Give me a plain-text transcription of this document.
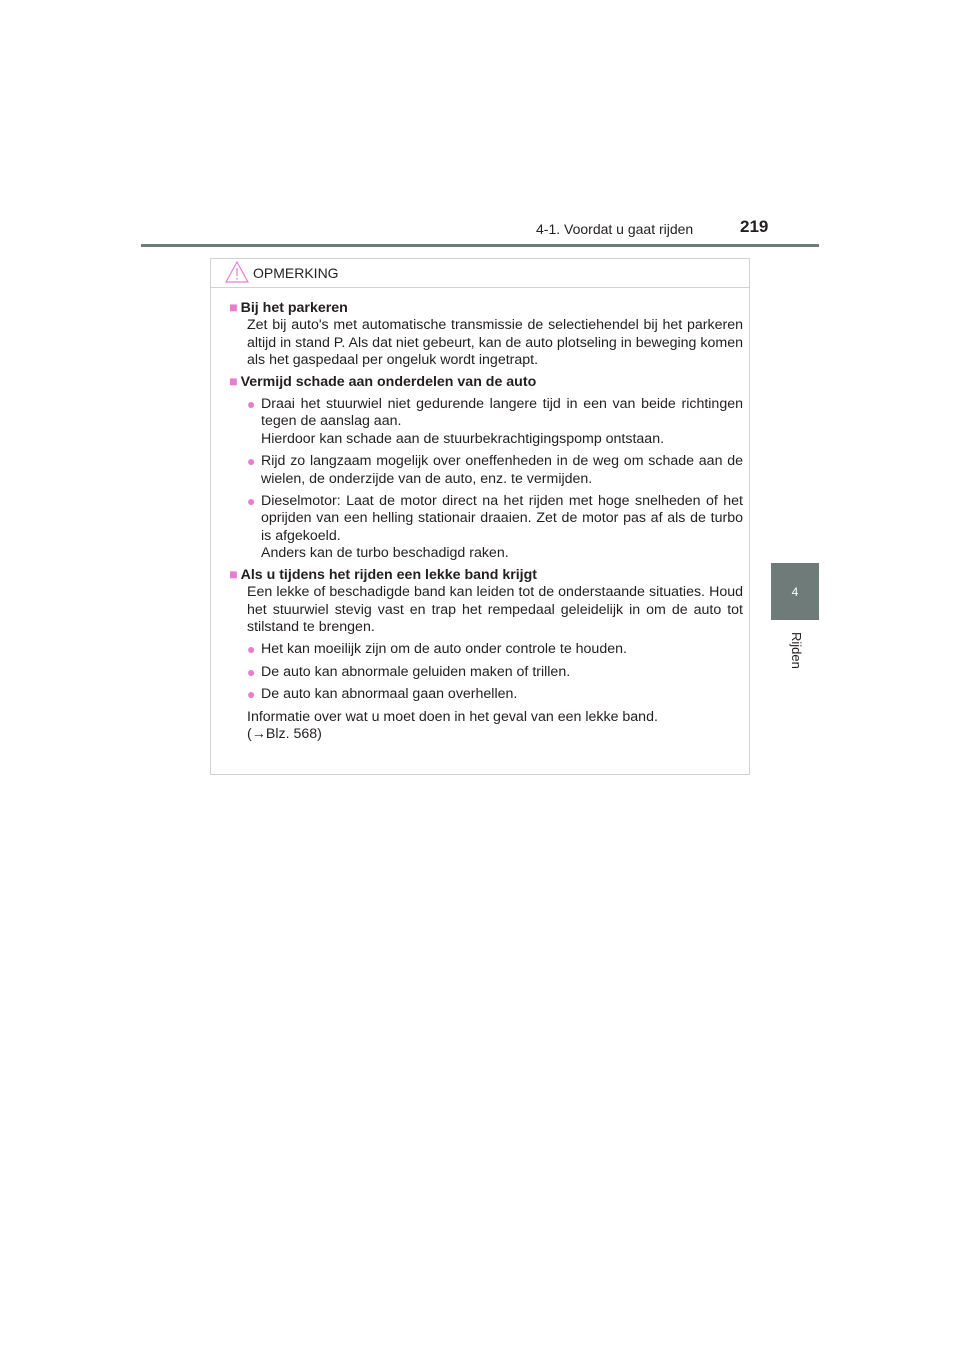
4-1. Voordat u gaat rijden	219
4
Rijden
OPMERKING
■ Bij het parkeren
Zet bij auto's met automatische transmissie de selectiehendel bij het parkeren altijd in stand P. Als dat niet gebeurt, kan de auto plotseling in beweging komen als het gaspedaal per ongeluk wordt ingetrapt.
■ Vermijd schade aan onderdelen van de auto
● Draai het stuurwiel niet gedurende langere tijd in een van beide richtingen tegen de aanslag aan.
Hierdoor kan schade aan de stuurbekrachtigingspomp ontstaan.
● Rijd zo langzaam mogelijk over oneffenheden in de weg om schade aan de wielen, de onderzijde van de auto, enz. te vermijden.
● Dieselmotor: Laat de motor direct na het rijden met hoge snelheden of het oprijden van een helling stationair draaien. Zet de motor pas af als de turbo is afgekoeld.
Anders kan de turbo beschadigd raken.
■ Als u tijdens het rijden een lekke band krijgt
Een lekke of beschadigde band kan leiden tot de onderstaande situaties. Houd het stuurwiel stevig vast en trap het rempedaal geleidelijk in om de auto tot stilstand te brengen.
● Het kan moeilijk zijn om de auto onder controle te houden.
● De auto kan abnormale geluiden maken of trillen.
● De auto kan abnormaal gaan overhellen.
Informatie over wat u moet doen in het geval van een lekke band.
(→Blz. 568)
